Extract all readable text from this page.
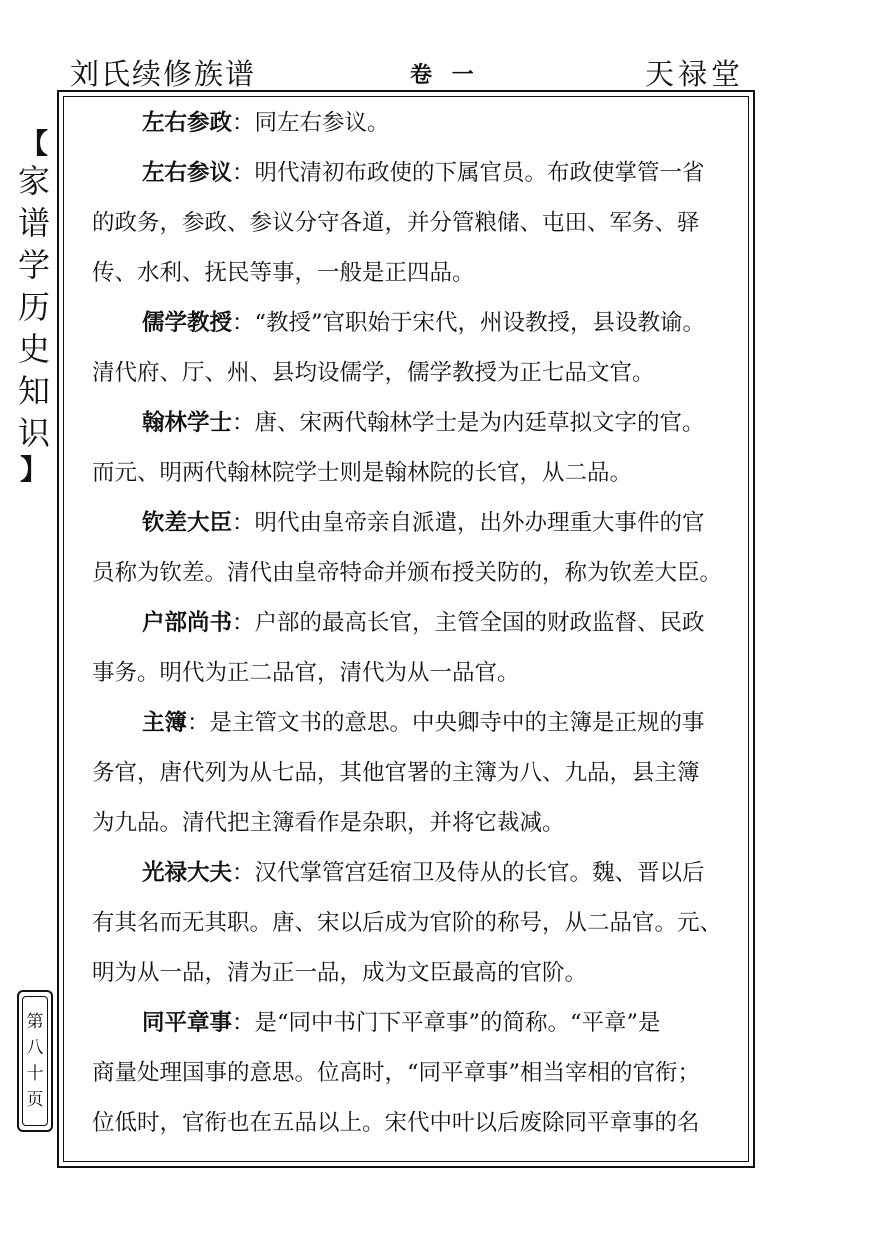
刘氏续修族谱	卷 一	天禄堂
【
家
谱
学
历
史
知
识
】
第
八
十
页
左右参政：同左右参议。
左右参议：明代清初布政使的下属官员。布政使掌管一省
的政务，参政、参议分守各道，并分管粮储、屯田、军务、驿
传、水利、抚民等事，一般是正四品。
儒学教授：“教授”官职始于宋代，州设教授，县设教谕。
清代府、厅、州、县均设儒学，儒学教授为正七品文官。
翰林学士：唐、宋两代翰林学士是为内廷草拟文字的官。
而元、明两代翰林院学士则是翰林院的长官，从二品。
钦差大臣：明代由皇帝亲自派遣，出外办理重大事件的官
员称为钦差。清代由皇帝特命并颁布授关防的，称为钦差大臣。
户部尚书：户部的最高长官，主管全国的财政监督、民政
事务。明代为正二品官，清代为从一品官。
主簿：是主管文书的意思。中央卿寺中的主簿是正规的事
务官，唐代列为从七品，其他官署的主簿为八、九品，县主簿
为九品。清代把主簿看作是杂职，并将它裁减。
光禄大夫：汉代掌管宫廷宿卫及侍从的长官。魏、晋以后
有其名而无其职。唐、宋以后成为官阶的称号，从二品官。元、
明为从一品，清为正一品，成为文臣最高的官阶。
同平章事：是“同中书门下平章事”的简称。“平章”是
商量处理国事的意思。位高时，“同平章事”相当宰相的官衔；
位低时，官衔也在五品以上。宋代中叶以后废除同平章事的名
